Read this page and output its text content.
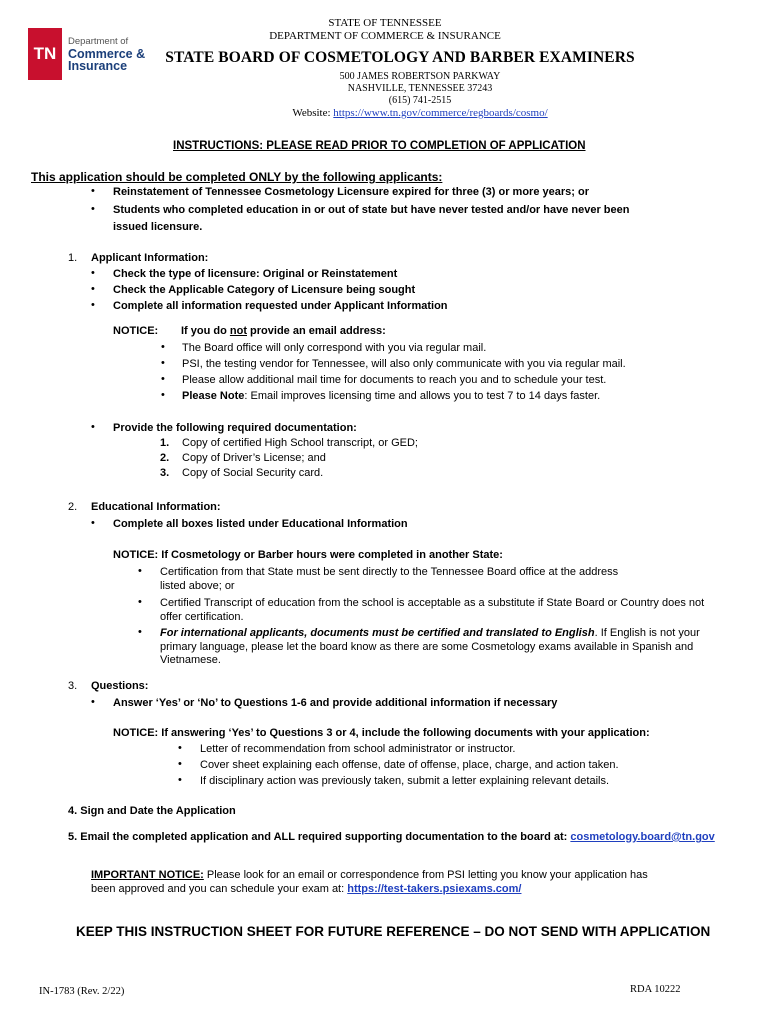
TN
Department of
Commerce &
Insurance
STATE OF TENNESSEE
DEPARTMENT OF COMMERCE & INSURANCE
STATE BOARD OF COSMETOLOGY AND BARBER EXAMINERS
500 JAMES ROBERTSON PARKWAY
NASHVILLE, TENNESSEE 37243
(615) 741-2515
Website: https://www.tn.gov/commerce/regboards/cosmo/
INSTRUCTIONS: PLEASE READ PRIOR TO COMPLETION OF APPLICATION
This application should be completed ONLY by the following applicants:
• Reinstatement of Tennessee Cosmetology Licensure expired for three (3) or more years; or
• Students who completed education in or out of state but have never tested and/or have never been
issued licensure.
1. Applicant Information:
• Check the type of licensure: Original or Reinstatement
• Check the Applicable Category of Licensure being sought
• Complete all information requested under Applicant Information
NOTICE: If you do not provide an email address:
• The Board office will only correspond with you via regular mail.
• PSI, the testing vendor for Tennessee, will also only communicate with you via regular mail.
• Please allow additional mail time for documents to reach you and to schedule your test.
• Please Note: Email improves licensing time and allows you to test 7 to 14 days faster.
• Provide the following required documentation:
1. Copy of certified High School transcript, or GED;
2. Copy of Driver’s License; and
3. Copy of Social Security card.
2. Educational Information:
• Complete all boxes listed under Educational Information
NOTICE: If Cosmetology or Barber hours were completed in another State:
• Certification from that State must be sent directly to the Tennessee Board office at the address
listed above; or
• Certified Transcript of education from the school is acceptable as a substitute if State Board or Country does not
offer certification.
• For international applicants, documents must be certified and translated to English. If English is not your
primary language, please let the board know as there are some Cosmetology exams available in Spanish and
Vietnamese.
3. Questions:
• Answer ‘Yes’ or ‘No’ to Questions 1-6 and provide additional information if necessary
NOTICE: If answering ‘Yes’ to Questions 3 or 4, include the following documents with your application:
• Letter of recommendation from school administrator or instructor.
• Cover sheet explaining each offense, date of offense, place, charge, and action taken.
• If disciplinary action was previously taken, submit a letter explaining relevant details.
4. Sign and Date the Application
5. Email the completed application and ALL required supporting documentation to the board at: cosmetology.board@tn.gov
IMPORTANT NOTICE: Please look for an email or correspondence from PSI letting you know your application has
been approved and you can schedule your exam at: https://test-takers.psiexams.com/
KEEP THIS INSTRUCTION SHEET FOR FUTURE REFERENCE – DO NOT SEND WITH APPLICATION
IN-1783 (Rev. 2/22)	RDA 10222
